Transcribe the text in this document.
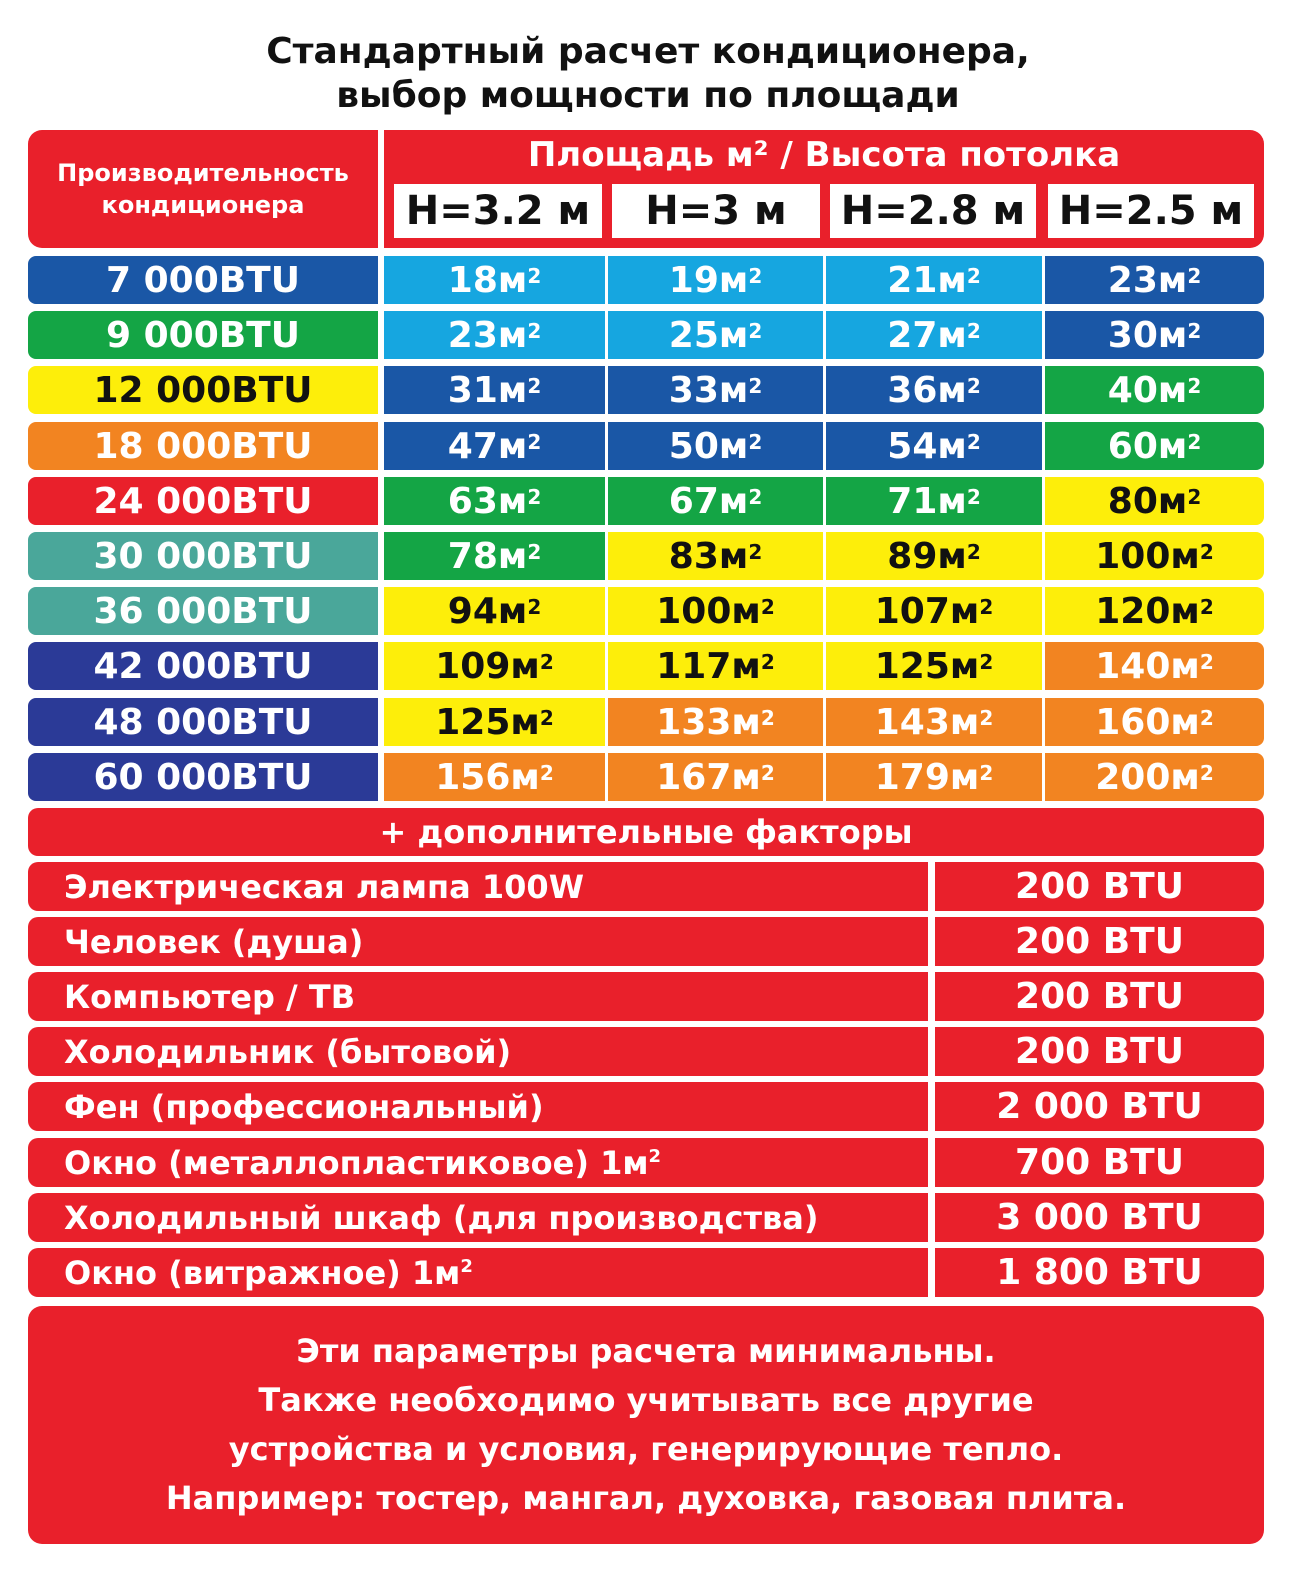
Стандартный расчет кондиционера,
выбор мощности по площади
Производительность
кондиционера
Площадь м² / Высота потолка
H=3.2 м	H=3 м	H=2.8 м H=2.5 м
7 000BTU	18 $м^2$	19 $м^2$	21 $м^2$	23 $м^2$
9 000BTU	23 $м^2$	25 $м^2$	27 $м^2$	30 $м^2$
12 000BTU	31 $м^2$	33 $м^2$	36 $м^2$	40 $м^2$
18 000BTU	47 $м^2$	50 $м^2$	54 $м^2$	60 $м^2$
24 000BTU	63 $м^2$	67 $м^2$	71 $м^2$	80 $м^2$
30 000BTU	78 $м^2$	83 $м^2$	89 $м^2$	100 $м^2$
36 000BTU	94 $м^2$	100 $м^2$	107 $м^2$	120 $м^2$
42 000BTU	109 $м^2$	117 $м^2$	125 $м^2$	140 $м^2$
48 000BTU	125 $м^2$	133 $м^2$	143 $м^2$	160 $м^2$
60 000BTU	156 $м^2$	167 $м^2$	179 $м^2$	200 $м^2$
+ дополнительные факторы
Электрическая лампа 100W	200 BTU
Человек (душа)	200 BTU
Компьютер / ТВ	200 BTU
Холодильник (бытовой)	200 BTU
Фен (профессиональный)	2 000 BTU
Окно (металлопластиковое) $1м^2$	700 BTU
Холодильный шкаф (для производства)	3 000 BTU
Окно (витражное) $1м^2$	1 800 BTU
Эти параметры расчета минимальны.
Также необходимо учитывать все другие
устройства и условия, генерирующие тепло.
Например: тостер, мангал, духовка, газовая плита.
